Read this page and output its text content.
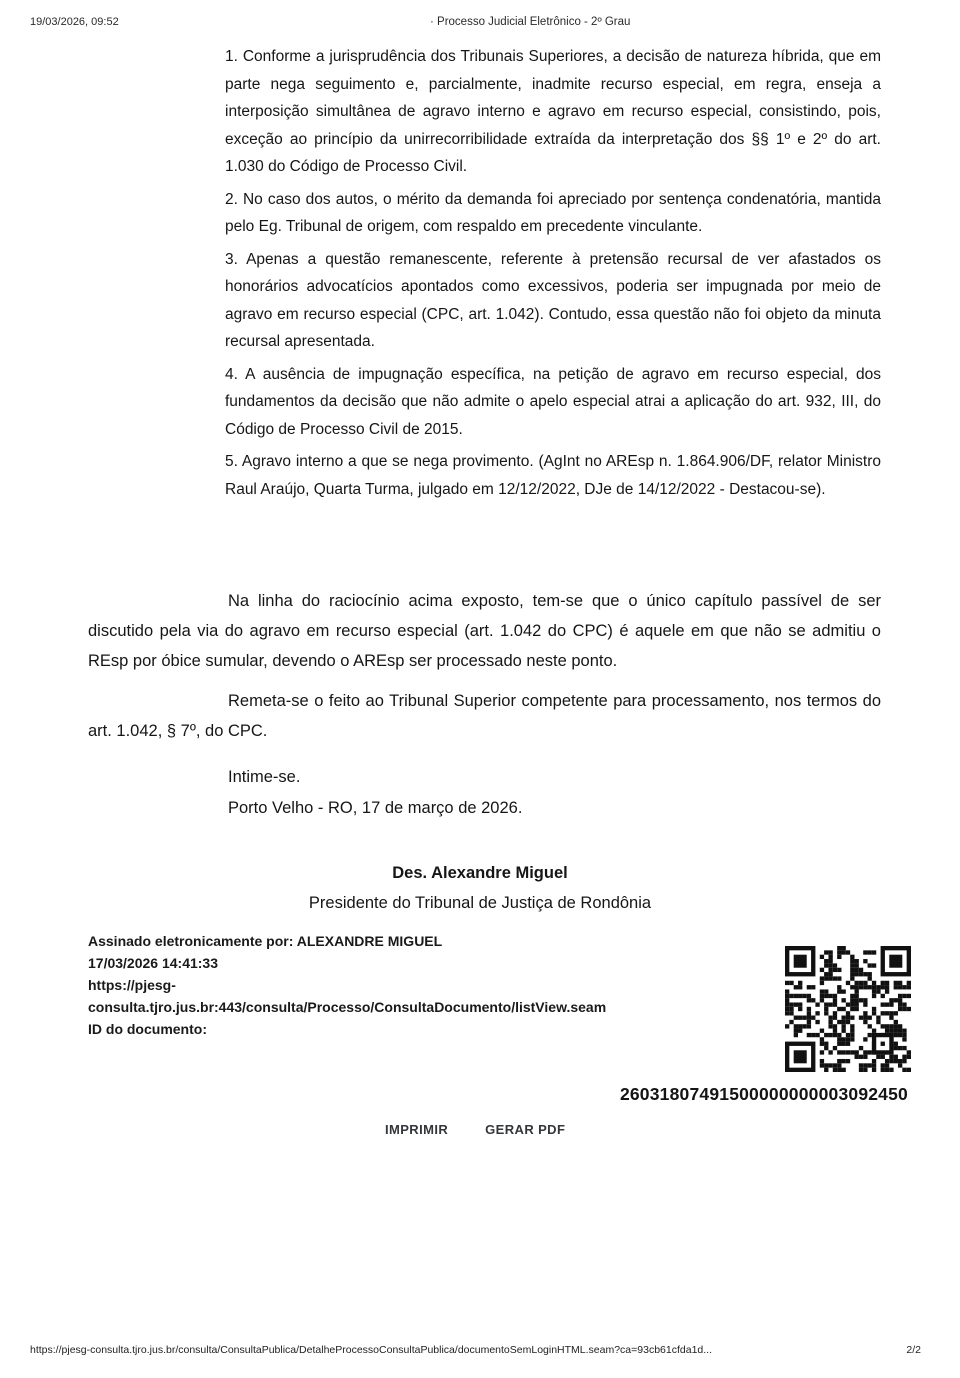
19/03/2026, 09:52	· Processo Judicial Eletrônico - 2º Grau

1. Conforme a jurisprudência dos Tribunais Superiores, a decisão de natureza híbrida, que em parte nega seguimento e, parcialmente, inadmite recurso especial, em regra, enseja a interposição simultânea de agravo interno e agravo em recurso especial, consistindo, pois, exceção ao princípio da unirrecorribilidade extraída da interpretação dos §§ 1º e 2º do art. 1.030 do Código de Processo Civil.

2. No caso dos autos, o mérito da demanda foi apreciado por sentença condenatória, mantida pelo Eg. Tribunal de origem, com respaldo em precedente vinculante.

3. Apenas a questão remanescente, referente à pretensão recursal de ver afastados os honorários advocatícios apontados como excessivos, poderia ser impugnada por meio de agravo em recurso especial (CPC, art. 1.042). Contudo, essa questão não foi objeto da minuta recursal apresentada.

4. A ausência de impugnação específica, na petição de agravo em recurso especial, dos fundamentos da decisão que não admite o apelo especial atrai a aplicação do art. 932, III, do Código de Processo Civil de 2015.

5. Agravo interno a que se nega provimento. (AgInt no AREsp n. 1.864.906/DF, relator Ministro Raul Araújo, Quarta Turma, julgado em 12/12/2022, DJe de 14/12/2022 - Destacou-se).

Na linha do raciocínio acima exposto, tem-se que o único capítulo passível de ser discutido pela via do agravo em recurso especial (art. 1.042 do CPC) é aquele em que não se admitiu o REsp por óbice sumular, devendo o AREsp ser processado neste ponto.

Remeta-se o feito ao Tribunal Superior competente para processamento, nos termos do art. 1.042, § 7º, do CPC.

Intime-se.

Porto Velho - RO, 17 de março de 2026.

Des. Alexandre Miguel
Presidente do Tribunal de Justiça de Rondônia
Assinado eletronicamente por: ALEXANDRE MIGUEL
17/03/2026 14:41:33
https://pjesg-
consulta.tjro.jus.br:443/consulta/Processo/ConsultaDocumento/listView.seam
ID do documento:
26031807491500000000003092450
IMPRIMIR	GERAR PDF
https://pjesg-consulta.tjro.jus.br/consulta/ConsultaPublica/DetalheProcessoConsultaPublica/documentoSemLoginHTML.seam?ca=93cb61cfda1d...	2/2
